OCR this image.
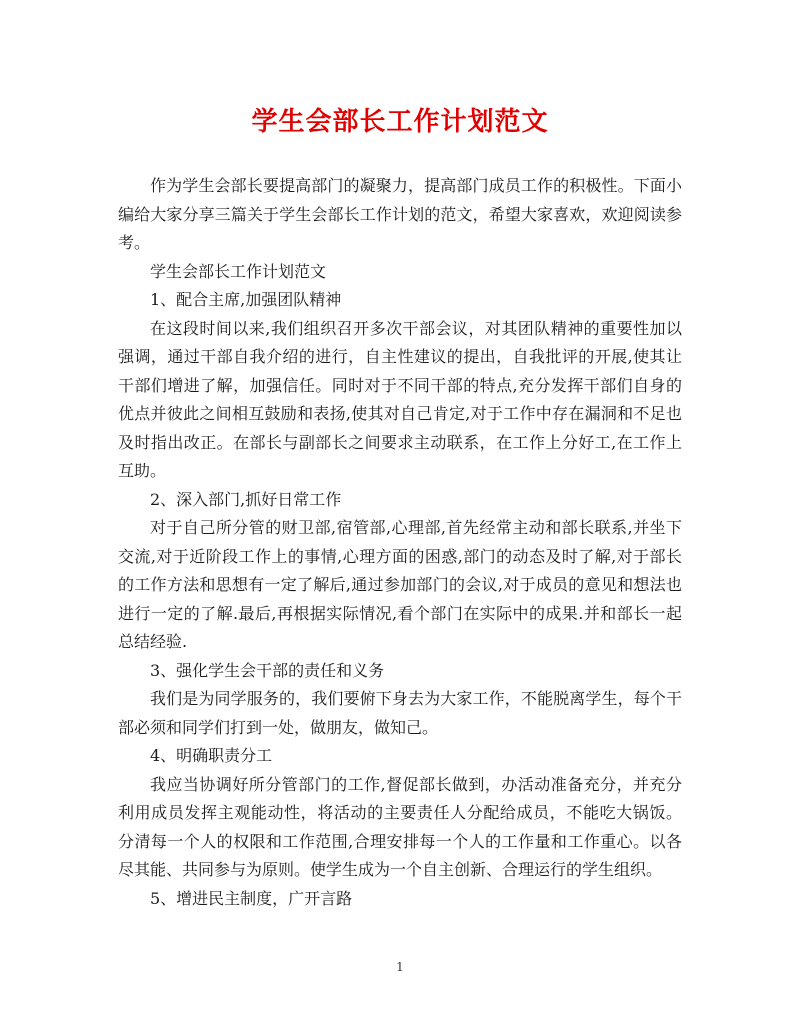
学生会部长工作计划范文

作为学生会部长要提高部门的凝聚力，提高部门成员工作的积极性。下面小编给大家分享三篇关于学生会部长工作计划的范文，希望大家喜欢，欢迎阅读参考。

学生会部长工作计划范文

1、配合主席,加强团队精神

在这段时间以来,我们组织召开多次干部会议，对其团队精神的重要性加以强调，通过干部自我介绍的进行，自主性建议的提出，自我批评的开展,使其让干部们增进了解，加强信任。同时对于不同干部的特点,充分发挥干部们自身的优点并彼此之间相互鼓励和表扬,使其对自己肯定,对于工作中存在漏洞和不足也及时指出改正。在部长与副部长之间要求主动联系，在工作上分好工,在工作上互助。

2、深入部门,抓好日常工作

对于自己所分管的财卫部,宿管部,心理部,首先经常主动和部长联系,并坐下交流,对于近阶段工作上的事情,心理方面的困惑,部门的动态及时了解,对于部长的工作方法和思想有一定了解后,通过参加部门的会议,对于成员的意见和想法也进行一定的了解.最后,再根据实际情况,看个部门在实际中的成果.并和部长一起总结经验.

3、强化学生会干部的责任和义务

我们是为同学服务的，我们要俯下身去为大家工作，不能脱离学生，每个干部必须和同学们打到一处，做朋友，做知己。

4、明确职责分工

我应当协调好所分管部门的工作,督促部长做到，办活动准备充分，并充分利用成员发挥主观能动性，将活动的主要责任人分配给成员，不能吃大锅饭。 分清每一个人的权限和工作范围,合理安排每一个人的工作量和工作重心。以各尽其能、共同参与为原则。使学生成为一个自主创新、合理运行的学生组织。

5、增进民主制度，广开言路

1
